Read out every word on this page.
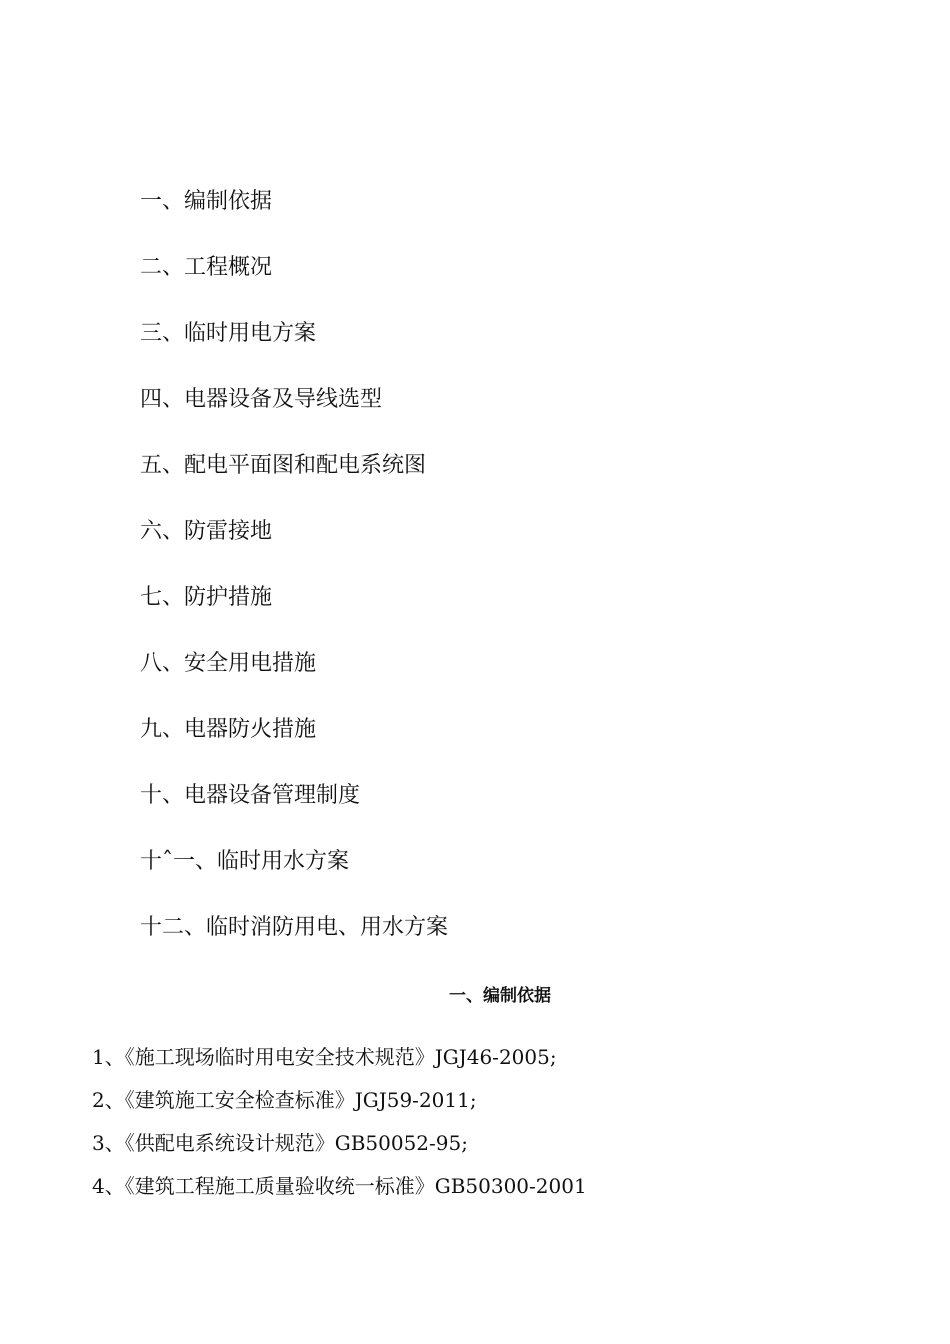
一、编制依据
二、工程概况
三、临时用电方案
四、电器设备及导线选型
五、配电平面图和配电系统图
六、防雷接地
七、防护措施
八、安全用电措施
九、电器防火措施
十、电器设备管理制度
十ˆ一、临时用水方案
十二、临时消防用电、用水方案
一、编制依据
1、《施工现场临时用电安全技术规范》JGJ46-2005;
2、《建筑施工安全检查标准》JGJ59-2011;
3、《供配电系统设计规范》GB50052-95;
4、《建筑工程施工质量验收统一标准》GB50300-2001
